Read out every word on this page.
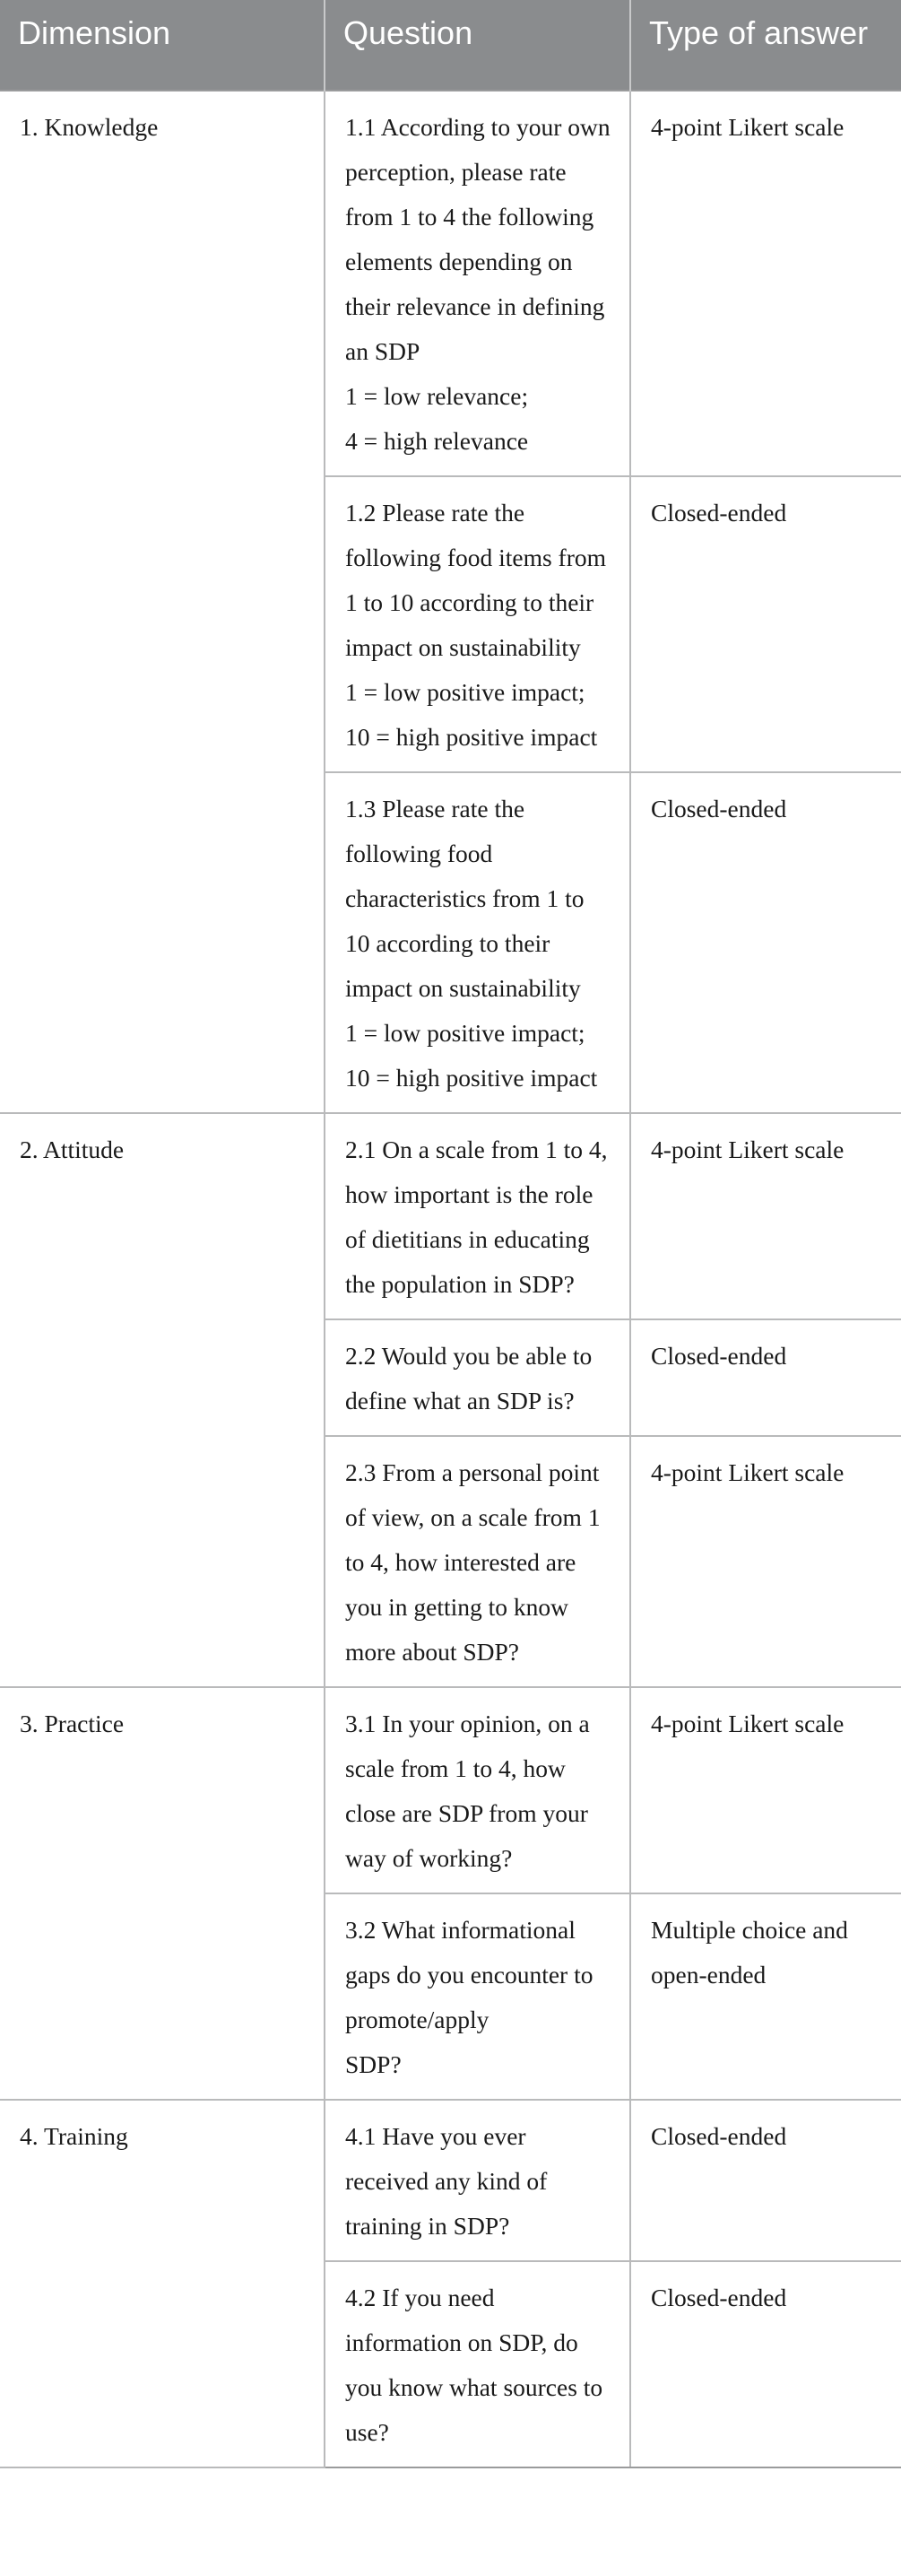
Dimension	Question	Type of answer
1. Knowledge	1.1 According to your own perception, please rate from 1 to 4 the following elements depending on their relevance in defining an SDP
1 = low relevance;
4 = high relevance	4-point Likert scale

	1.2 Please rate the following food items from 1 to 10 according to their impact on sustainability
1 = low positive impact;
10 = high positive impact	Closed-ended

	1.3 Please rate the following food characteristics from 1 to 10 according to their impact on sustainability
1 = low positive impact;
10 = high positive impact	Closed-ended
2. Attitude	2.1 On a scale from 1 to 4, how important is the role of dietitians in educating the population in SDP?	4-point Likert scale

	2.2 Would you be able to define what an SDP is?	Closed-ended

	2.3 From a personal point of view, on a scale from 1 to 4, how interested are you in getting to know more about SDP?	4-point Likert scale
3. Practice	3.1 In your opinion, on a scale from 1 to 4, how close are SDP from your way of working?	4-point Likert scale

	3.2 What informational gaps do you encounter to promote/apply
SDP?	Multiple choice and open-ended
4. Training	4.1 Have you ever received any kind of training in SDP?	Closed-ended

	4.2 If you need information on SDP, do you know what sources to use?	Closed-ended
